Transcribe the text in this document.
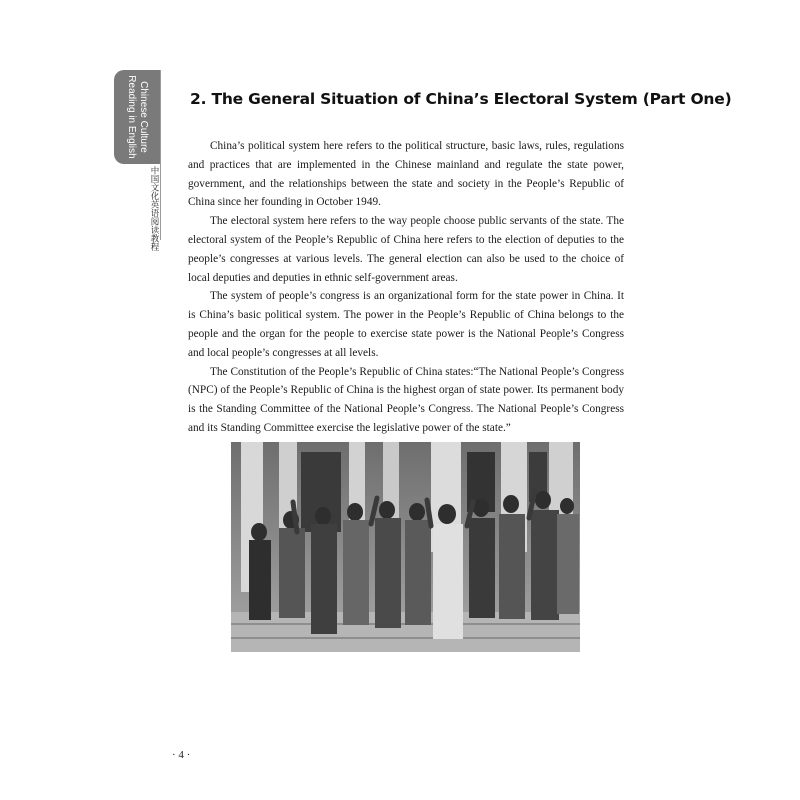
Chinese Culture
Reading in English
中国文化英语阅读教程
2. The General Situation of China’s Electoral System (Part One)

China’s political system here refers to the political structure, basic laws, rules, regulations and practices that are implemented in the Chinese mainland and regulate the state power, government, and the relationships between the state and society in the People’s Republic of China since her founding in October 1949.

The electoral system here refers to the way people choose public servants of the state. The electoral system of the People’s Republic of China here refers to the election of deputies to the people’s congresses at various levels. The general election can also be used to the choice of local deputies and deputies in ethnic self-government areas.

The system of people’s congress is an organizational form for the state power in China. It is China’s basic political system. The power in the People’s Republic of China belongs to the people and the organ for the people to exercise state power is the National People’s Congress and local people’s congresses at all levels.

The Constitution of the People’s Republic of China states:“The National People’s Congress (NPC) of the People’s Republic of China is the highest organ of state power. Its permanent body is the Standing Committee of the National People’s Congress. The National People’s Congress and its Standing Committee exercise the legislative power of the state.”

· 4 ·
